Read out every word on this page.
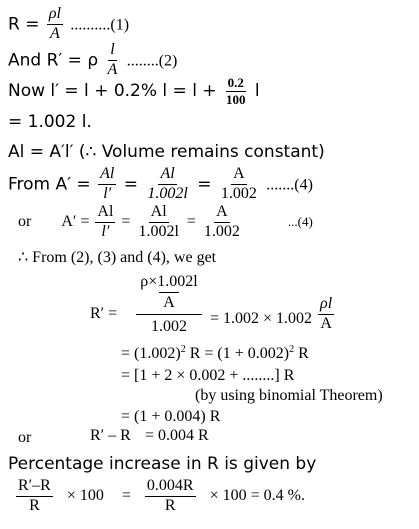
$R = \frac{\rho l}{A} ..........(1)$
And R′ = ρ $\frac{l}{A} ........(2)$
Now l′ = l + 0.2% $l = l + \frac{0.2}{100}$ l
= 1.002 l.
Al = A′l′ (∴ Volume remains constant)
From $A' = \frac{Al}{l'} = \frac{Al}{1.002l} = \frac{A}{1.002} .......(4)$
or $A' = \frac{Al}{l'} = \frac{Al}{1.002l} = \frac{A}{1.002}$	...(4)
∴ From (2), (3) and (4), we get
R′ =
ρ×1.002l
A
$1.002 = 1.002 \times 1.002 \frac{\rho l}{A}$
= $(1.002)^2$ $R = (1 + 0.002)^2$ R
= [1 + 2 × 0.002 + ........] R
(by using binomial Theorem)
= (1 + 0.004) R
or	R′ – R = 0.004 R
Percentage increase in R is given by
$\frac{R'-R}{R} \times 100 = \frac{0.004R}{R} \times 100 = 0.4$ %.
